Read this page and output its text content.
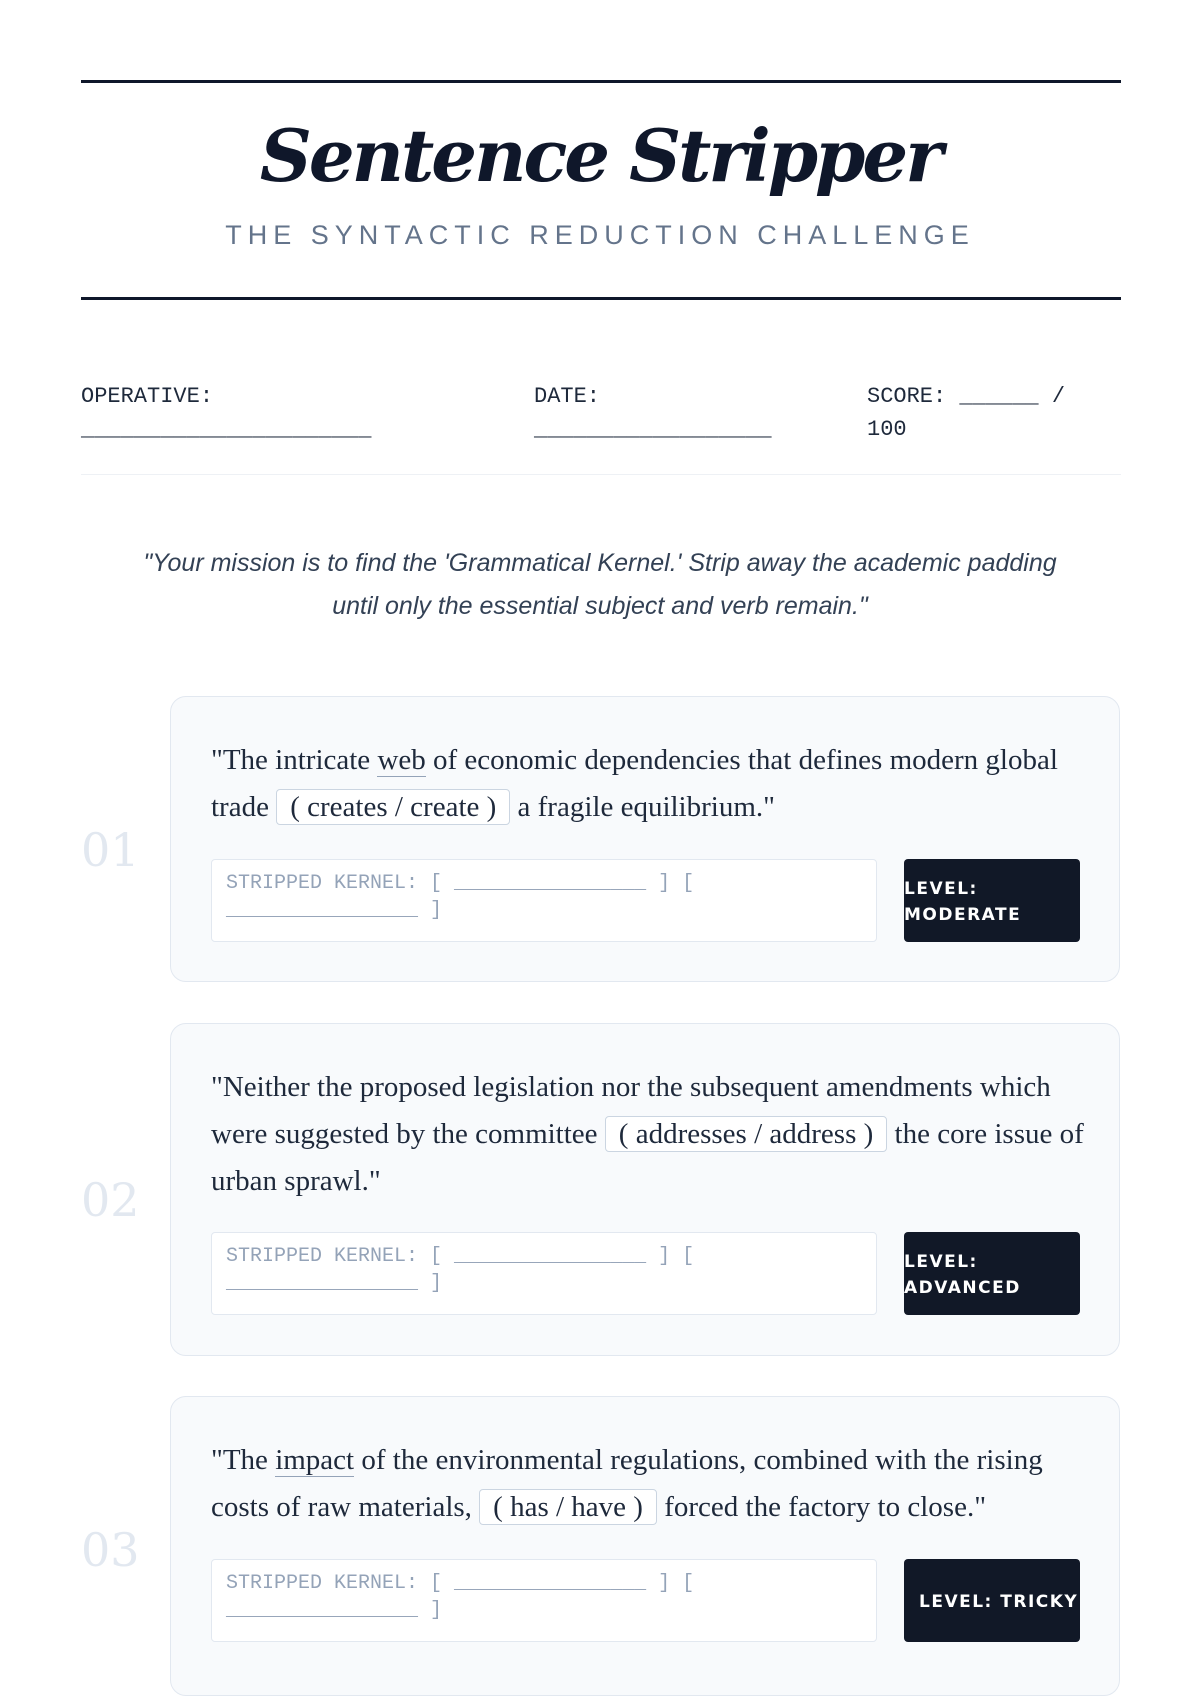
Sentence Stripper
THE SYNTACTIC REDUCTION CHALLENGE
OPERATIVE: ______________________
DATE: __________________
SCORE: ______ / 100
"Your mission is to find the 'Grammatical Kernel.' Strip away the academic padding until only the essential subject and verb remain."
01
"The intricate web of economic dependencies that defines modern global trade ( creates / create ) a fragile equilibrium."
STRIPPED KERNEL: [ ________________ ] [ ________________ ]
LEVEL: MODERATE
02
"Neither the proposed legislation nor the subsequent amendments which were suggested by the committee ( addresses / address ) the core issue of urban sprawl."
STRIPPED KERNEL: [ ________________ ] [ ________________ ]
LEVEL: ADVANCED
03
"The impact of the environmental regulations, combined with the rising costs of raw materials, ( has / have ) forced the factory to close."
STRIPPED KERNEL: [ ________________ ] [ ________________ ]	LEVEL: TRICKY
